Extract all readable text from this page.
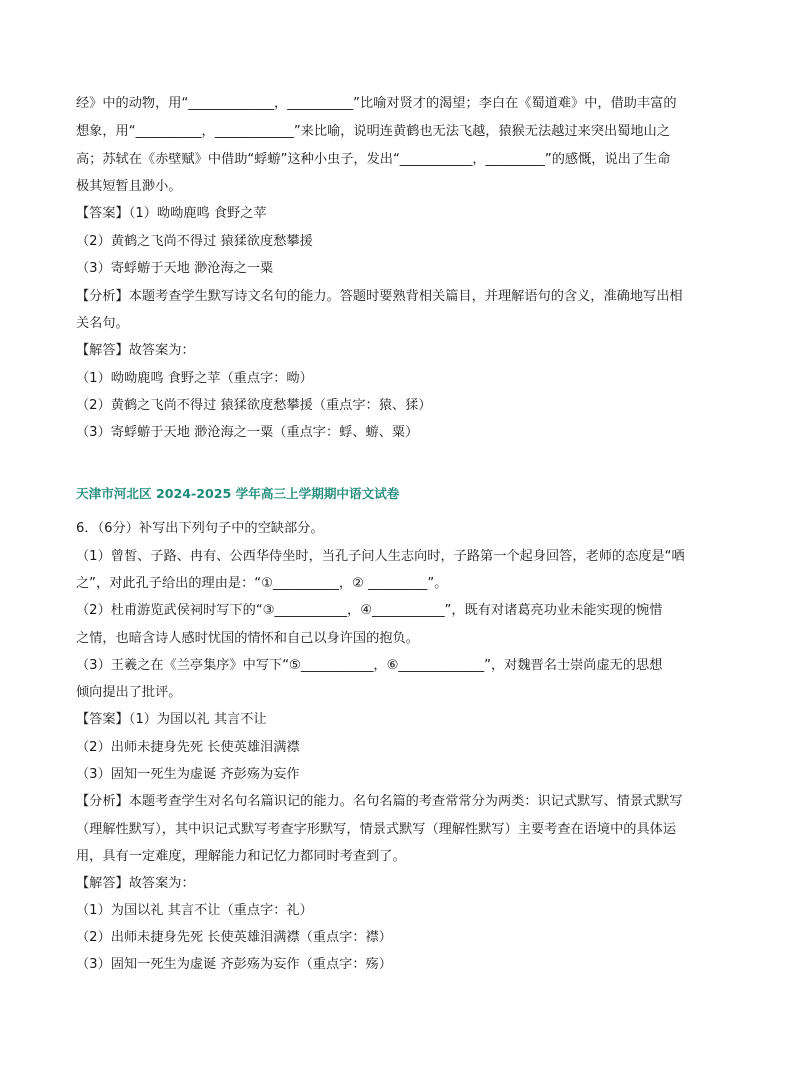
经》中的动物，用“_____________，__________”比喻对贤才的渴望；李白在《蜀道难》中，借助丰富的
想象，用“__________，____________”来比喻，说明连黄鹤也无法飞越，猿猴无法越过来突出蜀地山之
高；苏轼在《赤壁赋》中借助“蜉蝣”这种小虫子，发出“___________，_________”的感慨，说出了生命
极其短暂且渺小。
【答案】（1）呦呦鹿鸣 食野之苹
（2）黄鹤之飞尚不得过 猿猱欲度愁攀援
（3）寄蜉蝣于天地 渺沧海之一粟
【分析】本题考查学生默写诗文名句的能力。答题时要熟背相关篇目，并理解语句的含义，准确地写出相
关名句。
【解答】故答案为：
（1）呦呦鹿鸣 食野之苹（重点字：呦）
（2）黄鹤之飞尚不得过 猿猱欲度愁攀援（重点字：猿、猱）
（3）寄蜉蝣于天地 渺沧海之一粟（重点字：蜉、蝣、粟）
天津市河北区 2024-2025 学年高三上学期期中语文试卷
6．（6分）补写出下列句子中的空缺部分。
（1）曾皙、子路、冉有、公西华侍坐时，当孔子问人生志向时，子路第一个起身回答，老师的态度是“哂
之”，对此孔子给出的理由是：“①__________，② _________”。
（2）杜甫游览武侯祠时写下的“③___________，④___________”，既有对诸葛亮功业未能实现的惋惜
之情，也暗含诗人感时忧国的情怀和自己以身许国的抱负。
（3）王羲之在《兰亭集序》中写下“⑤___________，⑥_____________”，对魏晋名士崇尚虚无的思想
倾向提出了批评。
【答案】（1）为国以礼 其言不让
（2）出师未捷身先死 长使英雄泪满襟
（3）固知一死生为虚诞 齐彭殇为妄作
【分析】本题考查学生对名句名篇识记的能力。名句名篇的考查常常分为两类：识记式默写、情景式默写
（理解性默写），其中识记式默写考查字形默写，情景式默写（理解性默写）主要考查在语境中的具体运
用，具有一定难度，理解能力和记忆力都同时考查到了。
【解答】故答案为：
（1）为国以礼 其言不让（重点字：礼）
（2）出师未捷身先死 长使英雄泪满襟（重点字：襟）
（3）固知一死生为虚诞 齐彭殇为妄作（重点字：殇）
